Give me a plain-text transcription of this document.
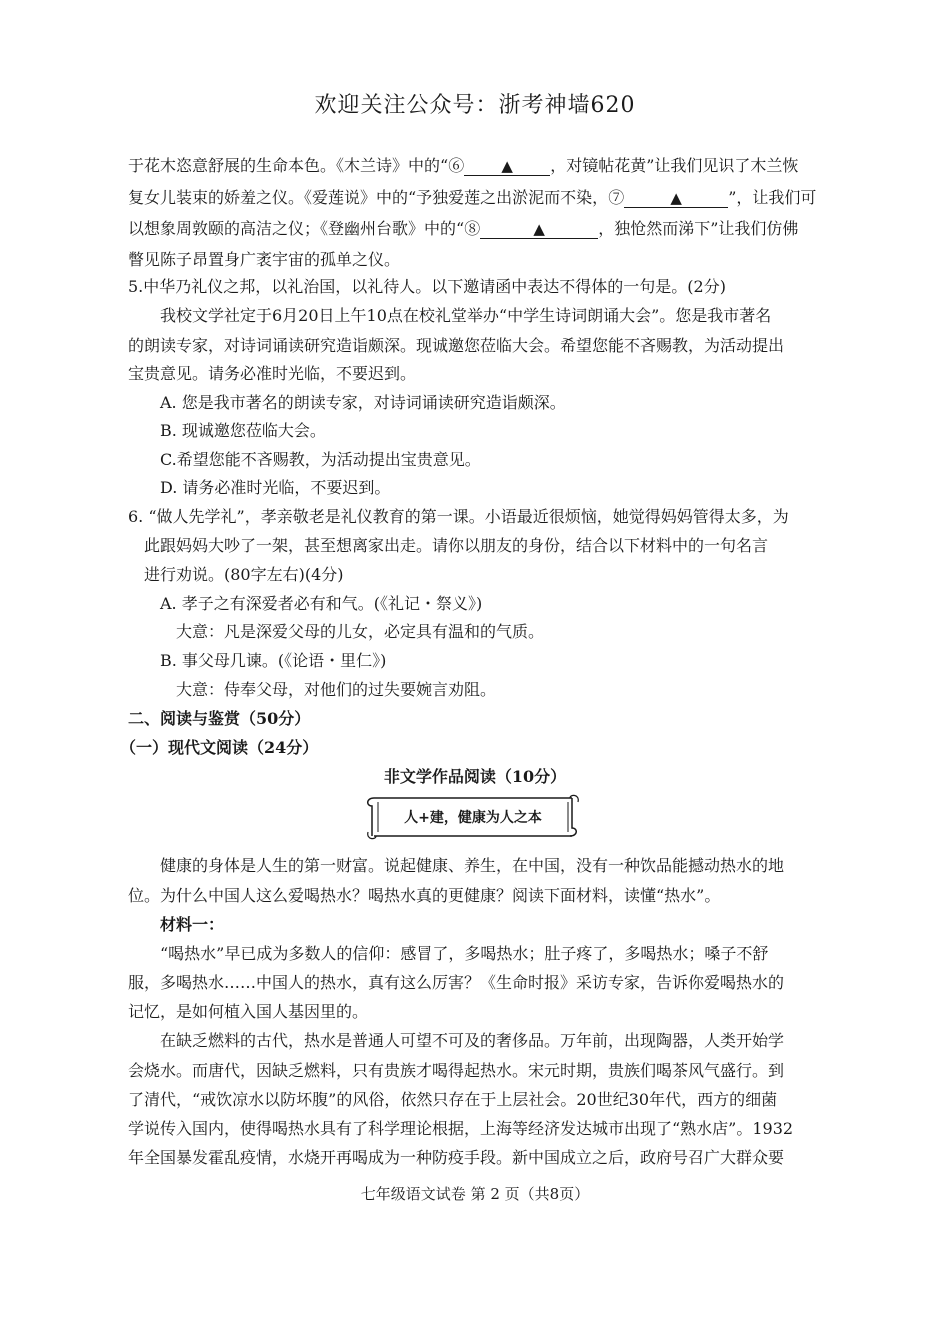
欢迎关注公众号：浙考神墙620
于花木恣意舒展的生命本色。《木兰诗》中的“⑥ ▲ ，对镜帖花黄”让我们见识了木兰恢
复女儿装束的娇羞之仪。《爱莲说》中的“予独爱莲之出淤泥而不染，⑦	▲	”，让我们可
以想象周敦颐的高洁之仪；《登幽州台歌》中的“⑧	▲	，独怆然而涕下”让我们仿佛
瞥见陈子昂置身广袤宇宙的孤单之仪。
5.中华乃礼仪之邦，以礼治国，以礼待人。以下邀请函中表达不得体的一句是。(2分)
我校文学社定于6月20日上午10点在校礼堂举办“中学生诗词朗诵大会”。您是我市著名
的朗读专家，对诗词诵读研究造诣颇深。现诚邀您莅临大会。希望您能不吝赐教，为活动提出
宝贵意见。请务必准时光临，不要迟到。
A. 您是我市著名的朗读专家，对诗词诵读研究造诣颇深。
B. 现诚邀您莅临大会。
C.希望您能不吝赐教，为活动提出宝贵意见。
D. 请务必准时光临，不要迟到。
6. “做人先学礼”，孝亲敬老是礼仪教育的第一课。小语最近很烦恼，她觉得妈妈管得太多，为
此跟妈妈大吵了一架，甚至想离家出走。请你以朋友的身份，结合以下材料中的一句名言
进行劝说。(80字左右)(4分)
A. 孝子之有深爱者必有和气。(《礼记・祭义》)
大意：凡是深爱父母的儿女，必定具有温和的气质。
B. 事父母几谏。(《论语・里仁》)
大意：侍奉父母，对他们的过失要婉言劝阻。
二、阅读与鉴赏（50分）
（一）现代文阅读（24分）
非文学作品阅读（10分）
人+建，健康为人之本
健康的身体是人生的第一财富。说起健康、养生，在中国，没有一种饮品能撼动热水的地
位。为什么中国人这么爱喝热水？喝热水真的更健康？阅读下面材料，读懂“热水”。
材料一：
“喝热水”早已成为多数人的信仰：感冒了，多喝热水；肚子疼了，多喝热水；嗓子不舒
服，多喝热水……中国人的热水，真有这么厉害？《生命时报》采访专家，告诉你爱喝热水的
记忆，是如何植入国人基因里的。
在缺乏燃料的古代，热水是普通人可望不可及的奢侈品。万年前，出现陶器，人类开始学
会烧水。而唐代，因缺乏燃料，只有贵族才喝得起热水。宋元时期，贵族们喝茶风气盛行。到
了清代，“戒饮凉水以防坏腹”的风俗，依然只存在于上层社会。20世纪30年代，西方的细菌
学说传入国内，使得喝热水具有了科学理论根据，上海等经济发达城市出现了“熟水店”。1932
年全国暴发霍乱疫情，水烧开再喝成为一种防疫手段。新中国成立之后，政府号召广大群众要
七年级语文试卷 第 2 页（共8页）
